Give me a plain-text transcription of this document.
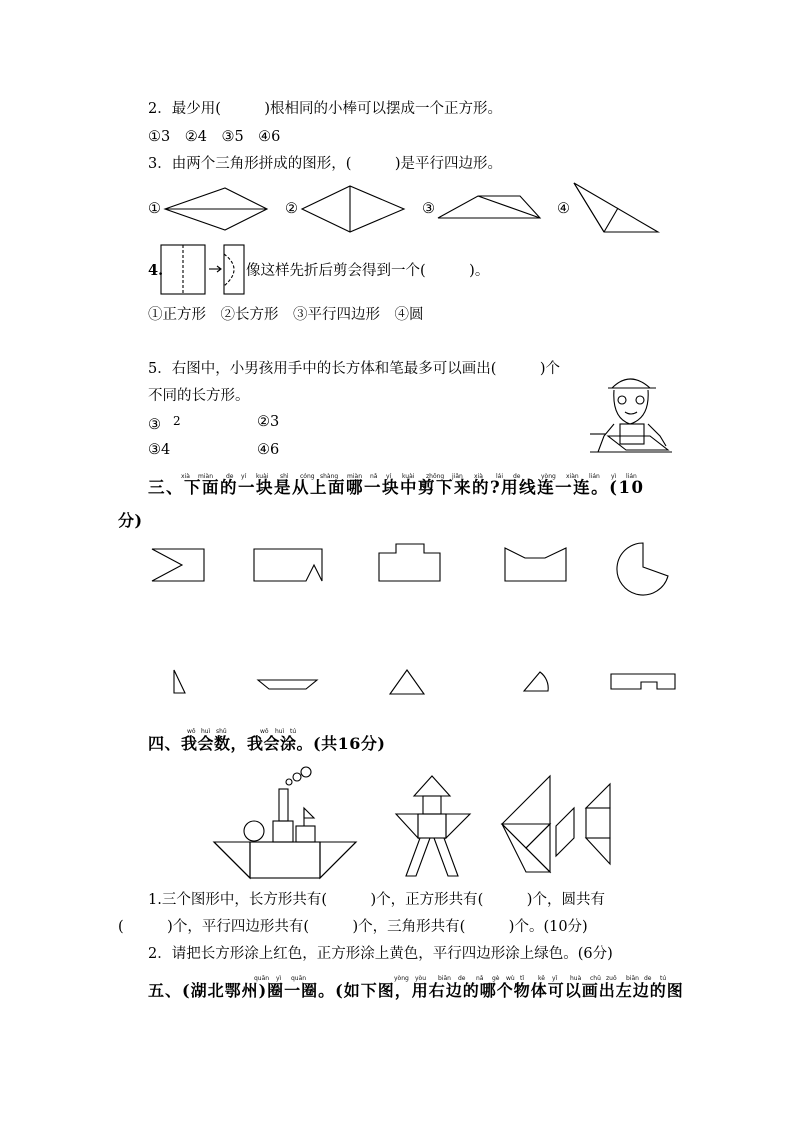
2．最少用(　　　)根相同的小棒可以摆成一个正方形。
①3　②4　③5　④6
3．由两个三角形拼成的图形，(　　　)是平行四边形。
①	②	③	④
4.	像这样先折后剪会得到一个(　　　)。
①正方形　②长方形　③平行四边形　④圆
5．右图中，小男孩用手中的长方体和笔最多可以画出(　　　)个
不同的长方形。
③ 2	②3
③4	④6
xià miàn de yí kuài shì cóng shàng miàn nǎ yí kuài zhōng jiǎn xià lái de	yòng xiàn lián yì lián
三、下面的一块是从上面哪一块中剪下来的?用线连一连。(10
分)
wǒ huì shǔ	wǒ huì tú
四、我会数，我会涂。(共16分)
1.三个图形中，长方形共有(　　　)个，正方形共有(　　　)个，圆共有
(　　　)个，平行四边形共有(　　　)个，三角形共有(　　　)个。(10分)
2．请把长方形涂上红色，正方形涂上黄色，平行四边形涂上绿色。(6分)
quān yì quān	yòng yòu biān de nǎ gè wù tǐ kě yǐ huà chū zuǒ biān de tú
五、(湖北鄂州)圈一圈。(如下图，用右边的哪个物体可以画出左边的图
